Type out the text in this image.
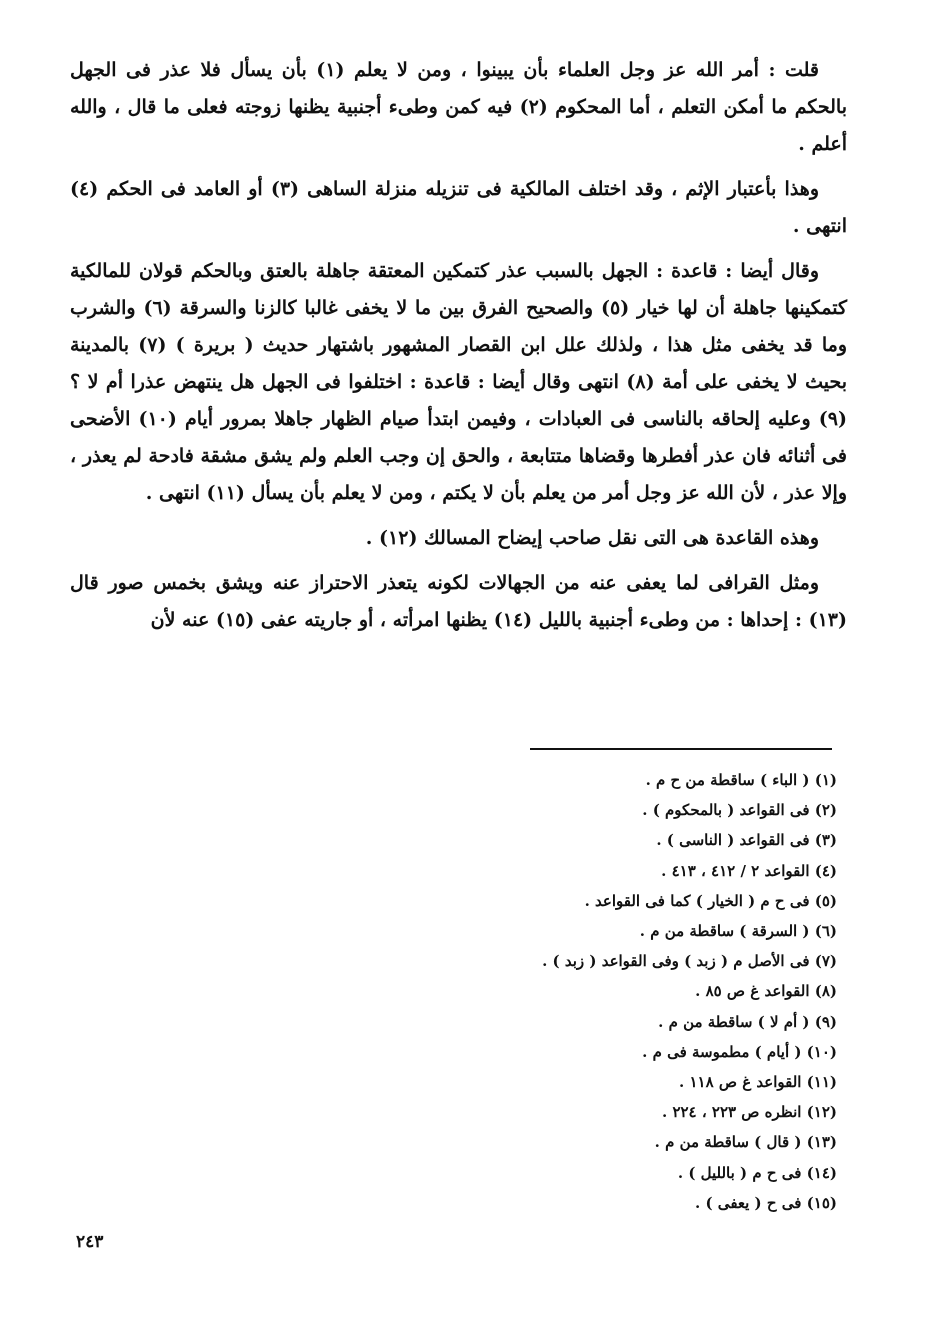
قلت : أمر الله عز وجل العلماء بأن يبينوا ، ومن لا يعلم (١) بأن يسأل فلا عذر فى الجهل بالحكم ما أمكن التعلم ، أما المحكوم (٢) فيه كمن وطىء أجنبية يظنها زوجته فعلى ما قال ، والله أعلم .

وهذا بأعتبار الإثم ، وقد اختلف المالكية فى تنزيله منزلة الساهى (٣) أو العامد فى الحكم (٤) انتهى .

وقال أيضا : قاعدة : الجهل بالسبب عذر كتمكين المعتقة جاهلة بالعتق وبالحكم قولان للمالكية كتمكينها جاهلة أن لها خيار (٥) والصحيح الفرق بين ما لا يخفى غالبا كالزنا والسرقة (٦) والشرب وما قد يخفى مثل هذا ، ولذلك علل ابن القصار المشهور باشتهار حديث ( بريرة ) (٧) بالمدينة بحيث لا يخفى على أمة (٨) انتهى وقال أيضا : قاعدة : اختلفوا فى الجهل هل ينتهض عذرا أم لا ؟ (٩) وعليه إلحاقه بالناسى فى العبادات ، وفيمن ابتدأ صيام الظهار جاهلا بمرور أيام (١٠) الأضحى فى أثنائه فان عذر أفطرها وقضاها متتابعة ، والحق إن وجب العلم ولم يشق مشقة فادحة لم يعذر ، وإلا عذر ، لأن الله عز وجل أمر من يعلم بأن لا يكتم ، ومن لا يعلم بأن يسأل (١١) انتهى .

وهذه القاعدة هى التى نقل صاحب إيضاح المسالك (١٢) .

ومثل القرافى لما يعفى عنه من الجهالات لكونه يتعذر الاحتراز عنه ويشق بخمس صور قال (١٣) : إحداها : من وطىء أجنبية بالليل (١٤) يظنها امرأته ، أو جاريته عفى (١٥) عنه لأن

(١) ( الباء ) ساقطة من ح م .
(٢) فى القواعد ( بالمحكوم ) .
(٣) فى القواعد ( الناسى ) .
(٤) القواعد ٢ / ٤١٢ ، ٤١٣ .
(٥) فى ح م ( الخيار ) كما فى القواعد .
(٦) ( السرقة ) ساقطة من م .
(٧) فى الأصل م ( زبد ) وفى القواعد ( زبد ) .
(٨) القواعد غ ص ٨٥ .
(٩) ( أم لا ) ساقطة من م .
(١٠) ( أيام ) مطموسة فى م .
(١١) القواعد غ ص ١١٨ .
(١٢) انظره ص ٢٢٣ ، ٢٢٤ .
(١٣) ( قال ) ساقطة من م .
(١٤) فى ح م ( بالليل ) .
(١٥) فى ح ( يعفى ) .
٢٤٣
